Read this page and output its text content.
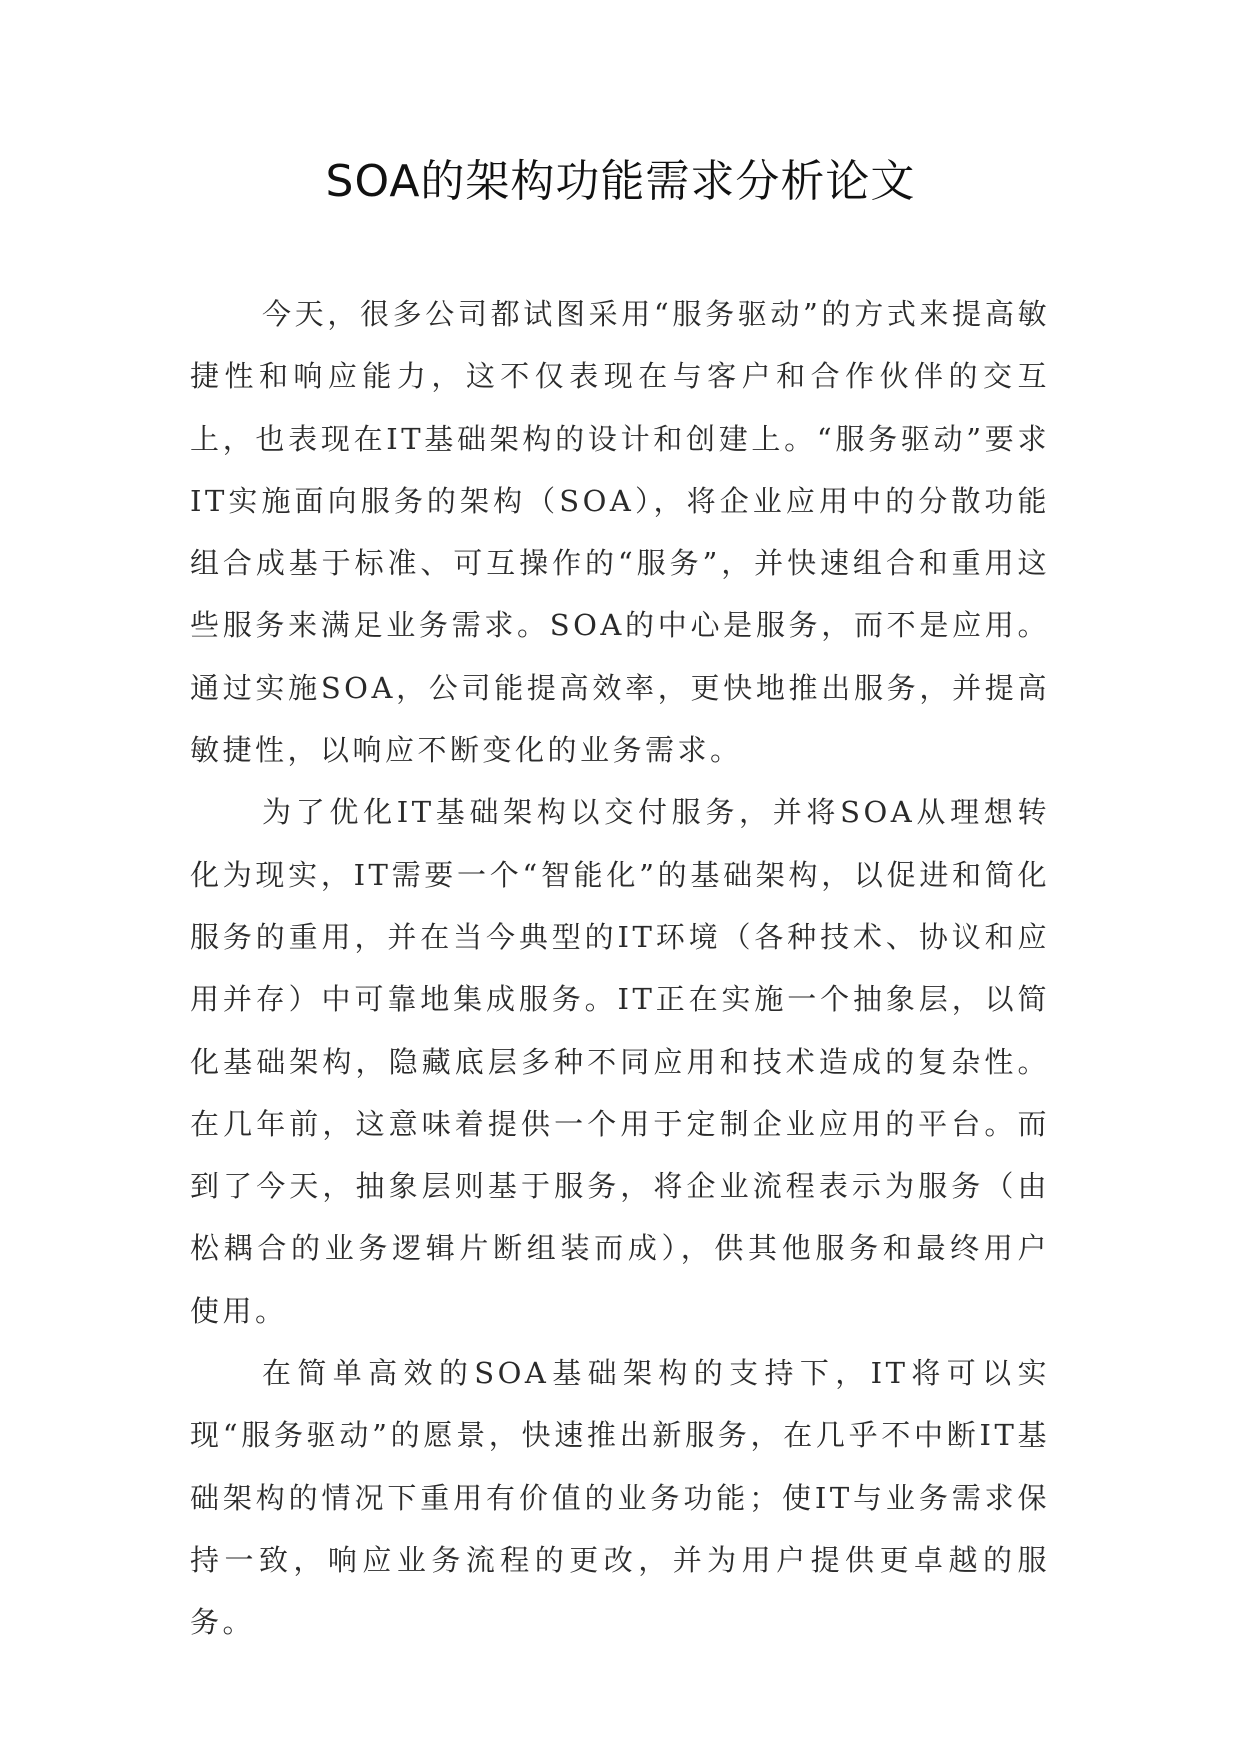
SOA的架构功能需求分析论文

今天，很多公司都试图采用“服务驱动”的方式来提高敏捷性和响应能力，这不仅表现在与客户和合作伙伴的交互上，也表现在IT基础架构的设计和创建上。“服务驱动”要求IT实施面向服务的架构（SOA），将企业应用中的分散功能组合成基于标准、可互操作的“服务”，并快速组合和重用这些服务来满足业务需求。SOA的中心是服务，而不是应用。通过实施SOA，公司能提高效率，更快地推出服务，并提高敏捷性，以响应不断变化的业务需求。

为了优化IT基础架构以交付服务，并将SOA从理想转化为现实，IT需要一个“智能化”的基础架构，以促进和简化服务的重用，并在当今典型的IT环境（各种技术、协议和应用并存）中可靠地集成服务。IT正在实施一个抽象层，以简化基础架构，隐藏底层多种不同应用和技术造成的复杂性。在几年前，这意味着提供一个用于定制企业应用的平台。而到了今天，抽象层则基于服务，将企业流程表示为服务（由松耦合的业务逻辑片断组装而成），供其他服务和最终用户使用。

在简单高效的SOA基础架构的支持下，IT将可以实现“服务驱动”的愿景，快速推出新服务，在几乎不中断IT基础架构的情况下重用有价值的业务功能；使IT与业务需求保持一致，响应业务流程的更改，并为用户提供更卓越的服务。
